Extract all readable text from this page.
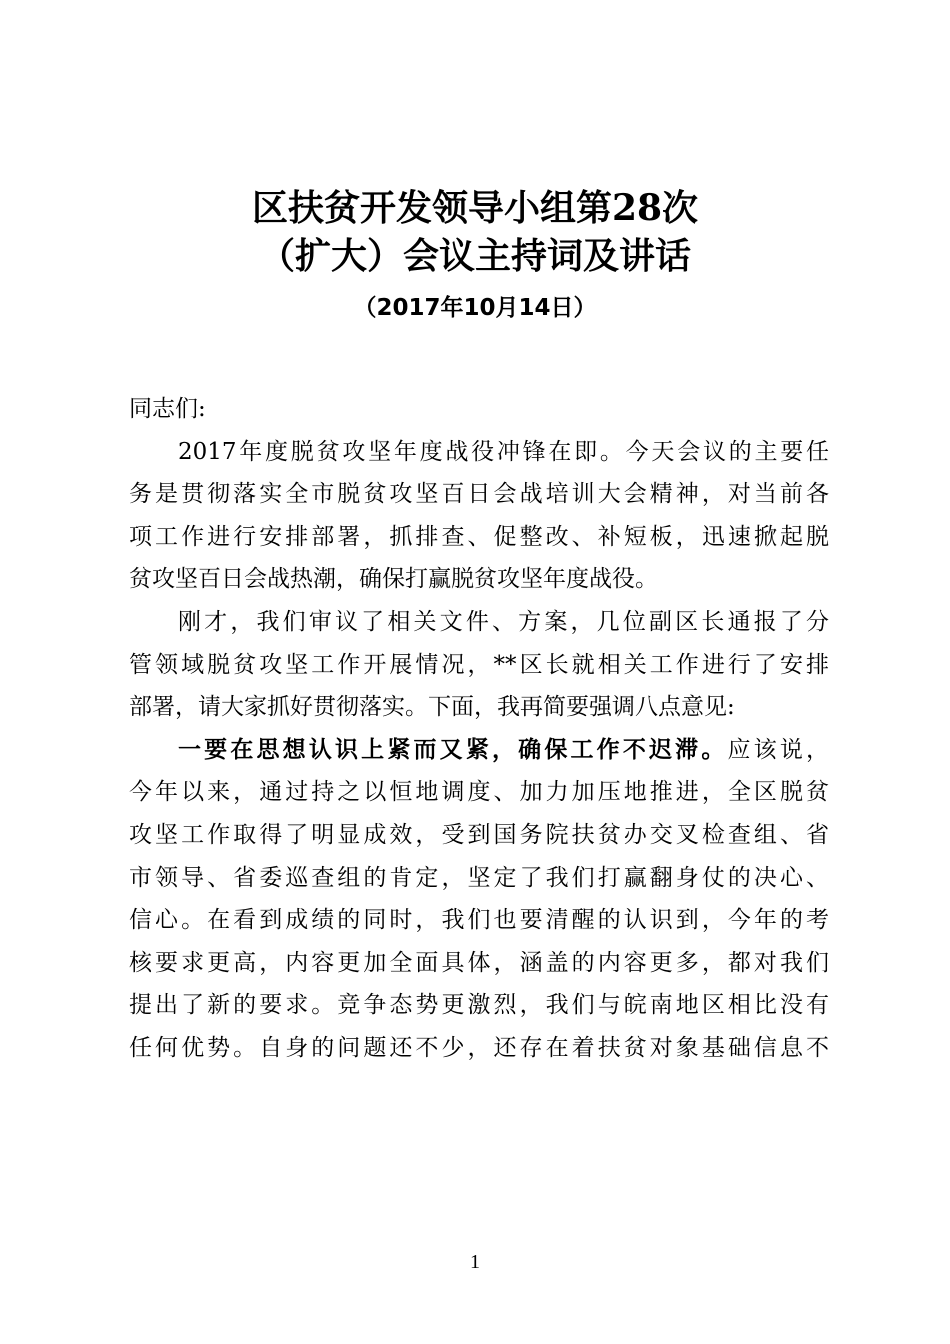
区扶贫开发领导小组第28次
（扩大）会议主持词及讲话
（2017年10月14日）
同志们:
2017年度脱贫攻坚年度战役冲锋在即。今天会议的主要任
务是贯彻落实全市脱贫攻坚百日会战培训大会精神，对当前各
项工作进行安排部署，抓排查、促整改、补短板，迅速掀起脱
贫攻坚百日会战热潮，确保打赢脱贫攻坚年度战役。
刚才，我们审议了相关文件、方案，几位副区长通报了分
管领域脱贫攻坚工作开展情况，**区长就相关工作进行了安排
部署，请大家抓好贯彻落实。下面，我再简要强调八点意见:
一要在思想认识上紧而又紧，确保工作不迟滞。应该说，
今年以来，通过持之以恒地调度、加力加压地推进，全区脱贫
攻坚工作取得了明显成效，受到国务院扶贫办交叉检查组、省
市领导、省委巡查组的肯定，坚定了我们打赢翻身仗的决心、
信心。在看到成绩的同时，我们也要清醒的认识到，今年的考
核要求更高，内容更加全面具体，涵盖的内容更多，都对我们
提出了新的要求。竞争态势更激烈，我们与皖南地区相比没有
任何优势。自身的问题还不少，还存在着扶贫对象基础信息不
1
